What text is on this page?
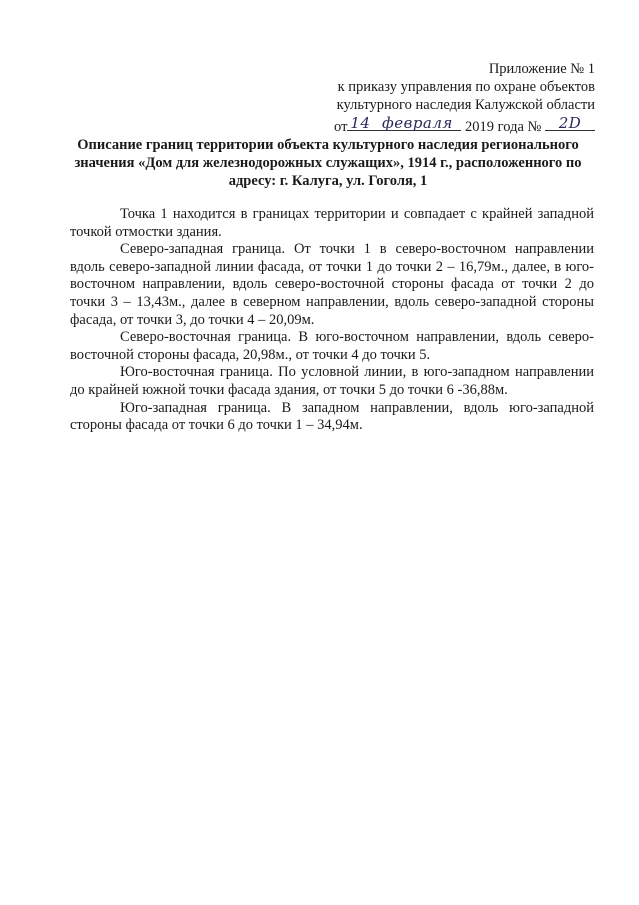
Приложение № 1
к приказу управления по охране объектов
культурного наследия Калужской области
от 14 февраля 2019 года №	2D
Описание границ территории объекта культурного наследия регионального значения «Дом для железнодорожных служащих», 1914 г., расположенного по адресу: г. Калуга, ул. Гоголя, 1

Точка 1 находится в границах территории и совпадает с крайней западной точкой отмостки здания.

Северо-западная граница. От точки 1 в северо-восточном направлении вдоль северо-западной линии фасада, от точки 1 до точки 2 – 16,79м., далее, в юго-восточном направлении, вдоль северо-восточной стороны фасада от точки 2 до точки 3 – 13,43м., далее в северном направлении, вдоль северо-западной стороны фасада, от точки 3, до точки 4 – 20,09м.

Северо-восточная граница. В юго-восточном направлении, вдоль северо-восточной стороны фасада, 20,98м., от точки 4 до точки 5.

Юго-восточная граница. По условной линии, в юго-западном направлении до крайней южной точки фасада здания, от точки 5 до точки 6 -36,88м.

Юго-западная граница. В западном направлении, вдоль юго-западной стороны фасада от точки 6 до точки 1 – 34,94м.
